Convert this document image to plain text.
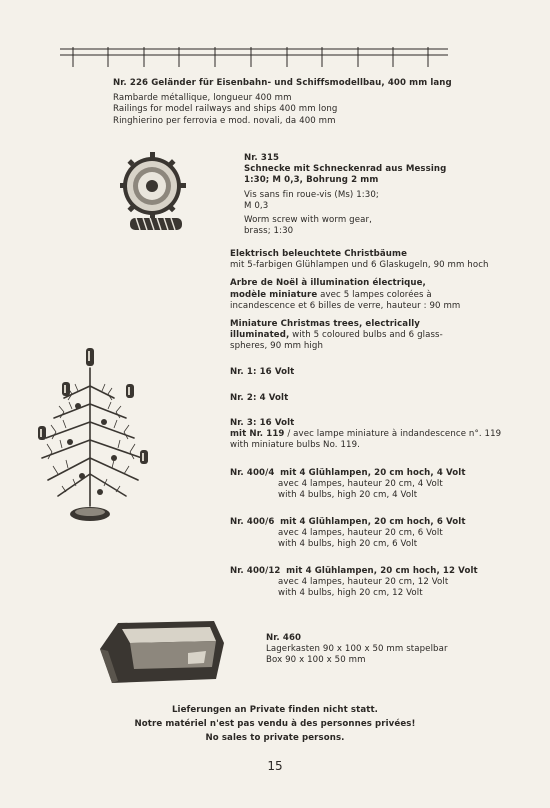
Nr. 226 Geländer für Eisenbahn- und Schiffsmodellbau, 400 mm lang
Rambarde métallique, longueur 400 mm
Railings for model railways and ships 400 mm long
Ringhierino per ferrovia e mod. novali, da 400 mm
Nr. 315
Schnecke mit Schneckenrad aus Messing
1:30; M 0,3, Bohrung 2 mm
Vis sans fin roue-vis (Ms) 1:30;
M 0,3
Worm screw with worm gear,
brass; 1:30
Elektrisch beleuchtete Christbäume
mit 5-farbigen Glühlampen und 6 Glaskugeln, 90 mm hoch
Arbre de Noël à illumination électrique,
modèle miniature avec 5 lampes colorées à
incandescence et 6 billes de verre, hauteur : 90 mm
Miniature Christmas trees, electrically
illuminated, with 5 coloured bulbs and 6 glass-
spheres, 90 mm high
Nr. 1: 16 Volt
Nr. 2: 4 Volt
Nr. 3: 16 Volt
mit Nr. 119 / avec lampe miniature à indandescence n°. 119
with miniature bulbs No. 119.
Nr. 400/4 mit 4 Glühlampen, 20 cm hoch, 4 Volt
avec 4 lampes, hauteur 20 cm, 4 Volt
with 4 bulbs, high 20 cm, 4 Volt
Nr. 400/6 mit 4 Glühlampen, 20 cm hoch, 6 Volt
avec 4 lampes, hauteur 20 cm, 6 Volt
with 4 bulbs, high 20 cm, 6 Volt
Nr. 400/12 mit 4 Glühlampen, 20 cm hoch, 12 Volt
avec 4 lampes, hauteur 20 cm, 12 Volt
with 4 bulbs, high 20 cm, 12 Volt
Nr. 460
Lagerkasten 90 x 100 x 50 mm stapelbar
Box 90 x 100 x 50 mm
Lieferungen an Private finden nicht statt.
Notre matériel n'est pas vendu à des personnes privées!
No sales to private persons.
15
